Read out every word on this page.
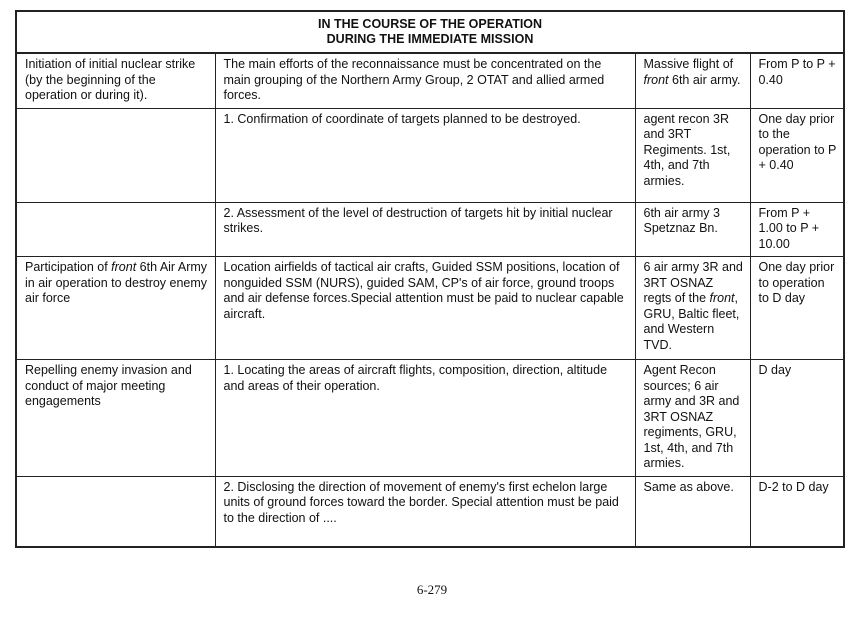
IN THE COURSE OF THE OPERATION
DURING THE IMMEDIATE MISSION			

Initiation of initial nuclear strike (by the beginning of the operation or during it).	The main efforts of the reconnaissance must be concentrated on the main grouping of the Northern Army Group, 2 OTAT and allied armed forces.	Massive flight of front 6th air army.	From P to P + 0.40
	1. Confirmation of coordinate of targets planned to be destroyed.	agent recon 3R and 3RT Regiments. 1st, 4th, and 7th armies.	One day prior to the operation to P + 0.40
	2. Assessment of the level of destruction of targets hit by initial nuclear strikes.	6th air army 3 Spetznaz Bn.	From P + 1.00 to P + 10.00
Participation of front 6th Air Army in air operation to destroy enemy air force	Location airfields of tactical air crafts, Guided SSM positions, location of nonguided SSM (NURS), guided SAM, CP's of air force, ground troops and air defense forces.Special attention must be paid to nuclear capable aircraft.	6 air army 3R and 3RT OSNAZ regts of the front, GRU, Baltic fleet, and Western TVD.	One day prior to operation to D day
Repelling enemy invasion and conduct of major meeting engagements	1. Locating the areas of aircraft flights, composition, direction, altitude and areas of their operation.	Agent Recon sources; 6 air army and 3R and 3RT OSNAZ regiments, GRU, 1st, 4th, and 7th armies.	D day
	2. Disclosing the direction of movement of enemy's first echelon large units of ground forces toward the border. Special attention must be paid to the direction of ....	Same as above.	D-2 to D day
6-279
